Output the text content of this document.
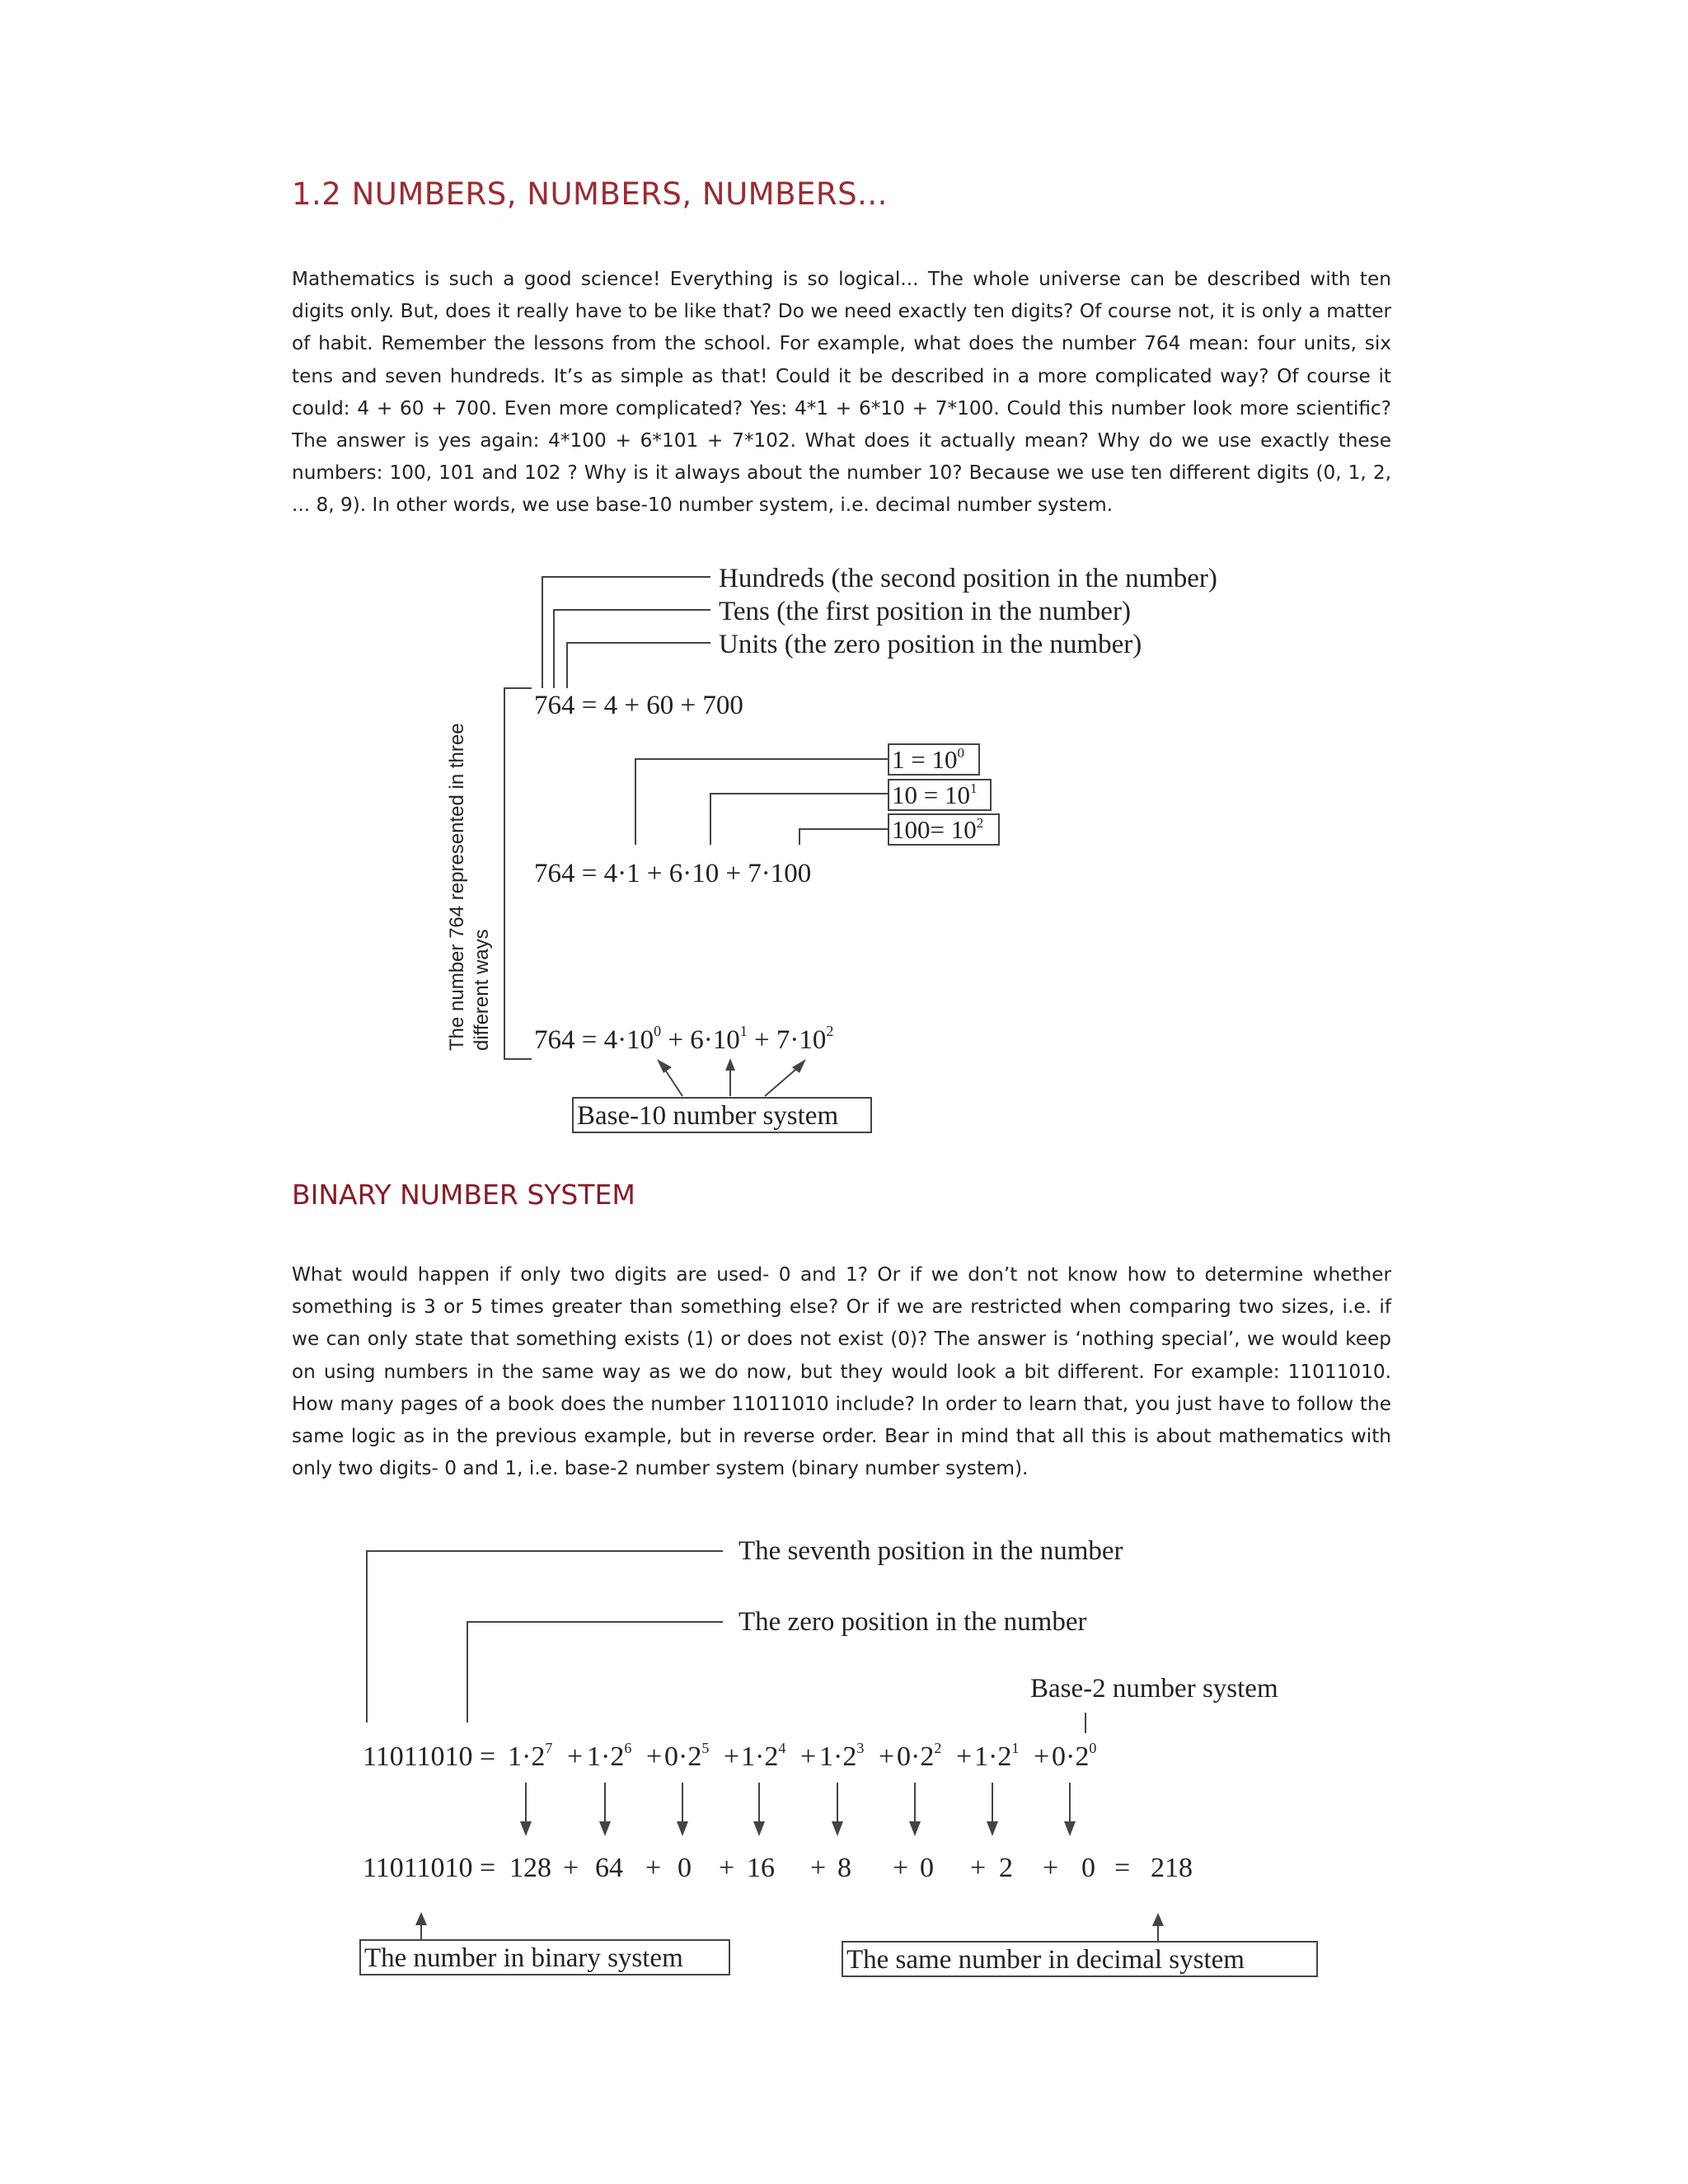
1.2 NUMBERS, NUMBERS, NUMBERS...

Mathematics is such a good science! Everything is so logical... The whole universe can be described with ten digits only. But, does it really have to be like that? Do we need exactly ten digits? Of course not, it is only a matter of habit. Remember the lessons from the school. For example, what does the number 764 mean: four units, six tens and seven hundreds. It’s as simple as that! Could it be described in a more complicated way? Of course it could: 4 + 60 + 700. Even more complicated? Yes: 4*1 + 6*10 + 7*100. Could this number look more scientific? The answer is yes again: 4*100 + 6*101 + 7*102. What does it actually mean? Why do we use exactly these numbers: 100, 101 and 102 ? Why is it always about the number 10? Because we use ten different digits (0, 1, 2, ... 8, 9). In other words, we use base-10 number system, i.e. decimal number system.

Hundreds (the second position in the number)
Tens (the first position in the number)
Units (the zero position in the number)
764 = 4 + 60 + 700
$1 = 10^0$
$10 = 10^1$
$100= 10^2$
764 = 4·1 + 6·10 + 7·100
$764 = 4\cdot 10^0 + 6\cdot 10^1 + 7\cdot 10^2$
The number 764 represented in three different ways
Base-10 number system
BINARY NUMBER SYSTEM

What would happen if only two digits are used- 0 and 1? Or if we don’t not know how to determine whether something is 3 or 5 times greater than something else? Or if we are restricted when comparing two sizes, i.e. if we can only state that something exists (1) or does not exist (0)? The answer is ‘nothing special’, we would keep on using numbers in the same way as we do now, but they would look a bit different. For example: 11011010. How many pages of a book does the number 11011010 include? In order to learn that, you just have to follow the same logic as in the previous example, but in reverse order. Bear in mind that all this is about mathematics with only two digits- 0 and 1, i.e. base-2 number system (binary number system).

The seventh position in the number
The zero position in the number
Base-2 number system
$11011010 = 1\cdot 2^7$ $1\cdot 2^6$ $0\cdot 2^5$ $1\cdot 2^4$ $1\cdot 2^3$ $0\cdot 2^2$ $1\cdot 2^1$ $0\cdot 2^0$
+ + + + + + +
11011010 = 128 64 0 16 8 0 2 0
+ + +	+ + + + = 218
The number in binary system	The same number in decimal system
